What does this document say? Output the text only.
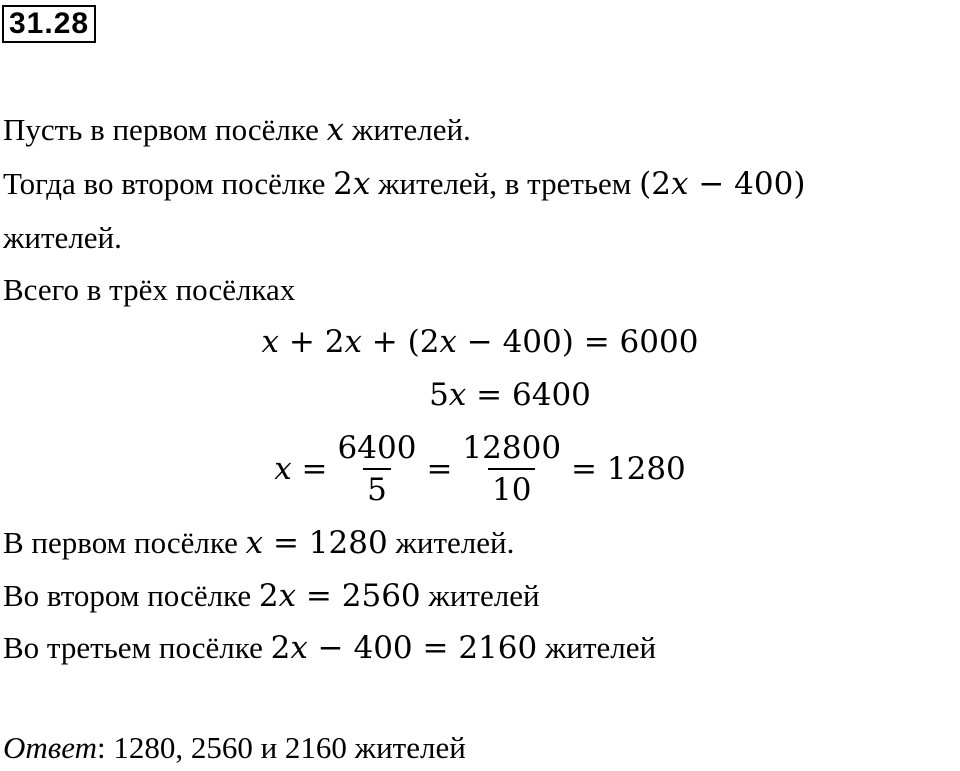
31.28
Пусть в первом посёлке x жителей.
Тогда во втором посёлке 2x жителей, в третьем (2x − 400)
жителей.
Всего в трёх посёлках
x + 2x + (2x − 400) = 6000
5x = 6400
$x = \frac{6400}{5} = \frac{12800}{10} = 1280$
В первом посёлке x = 1280 жителей.
Во втором посёлке 2x = 2560 жителей
Во третьем посёлке 2x − 400 = 2160 жителей
Ответ: 1280, 2560 и 2160 жителей
